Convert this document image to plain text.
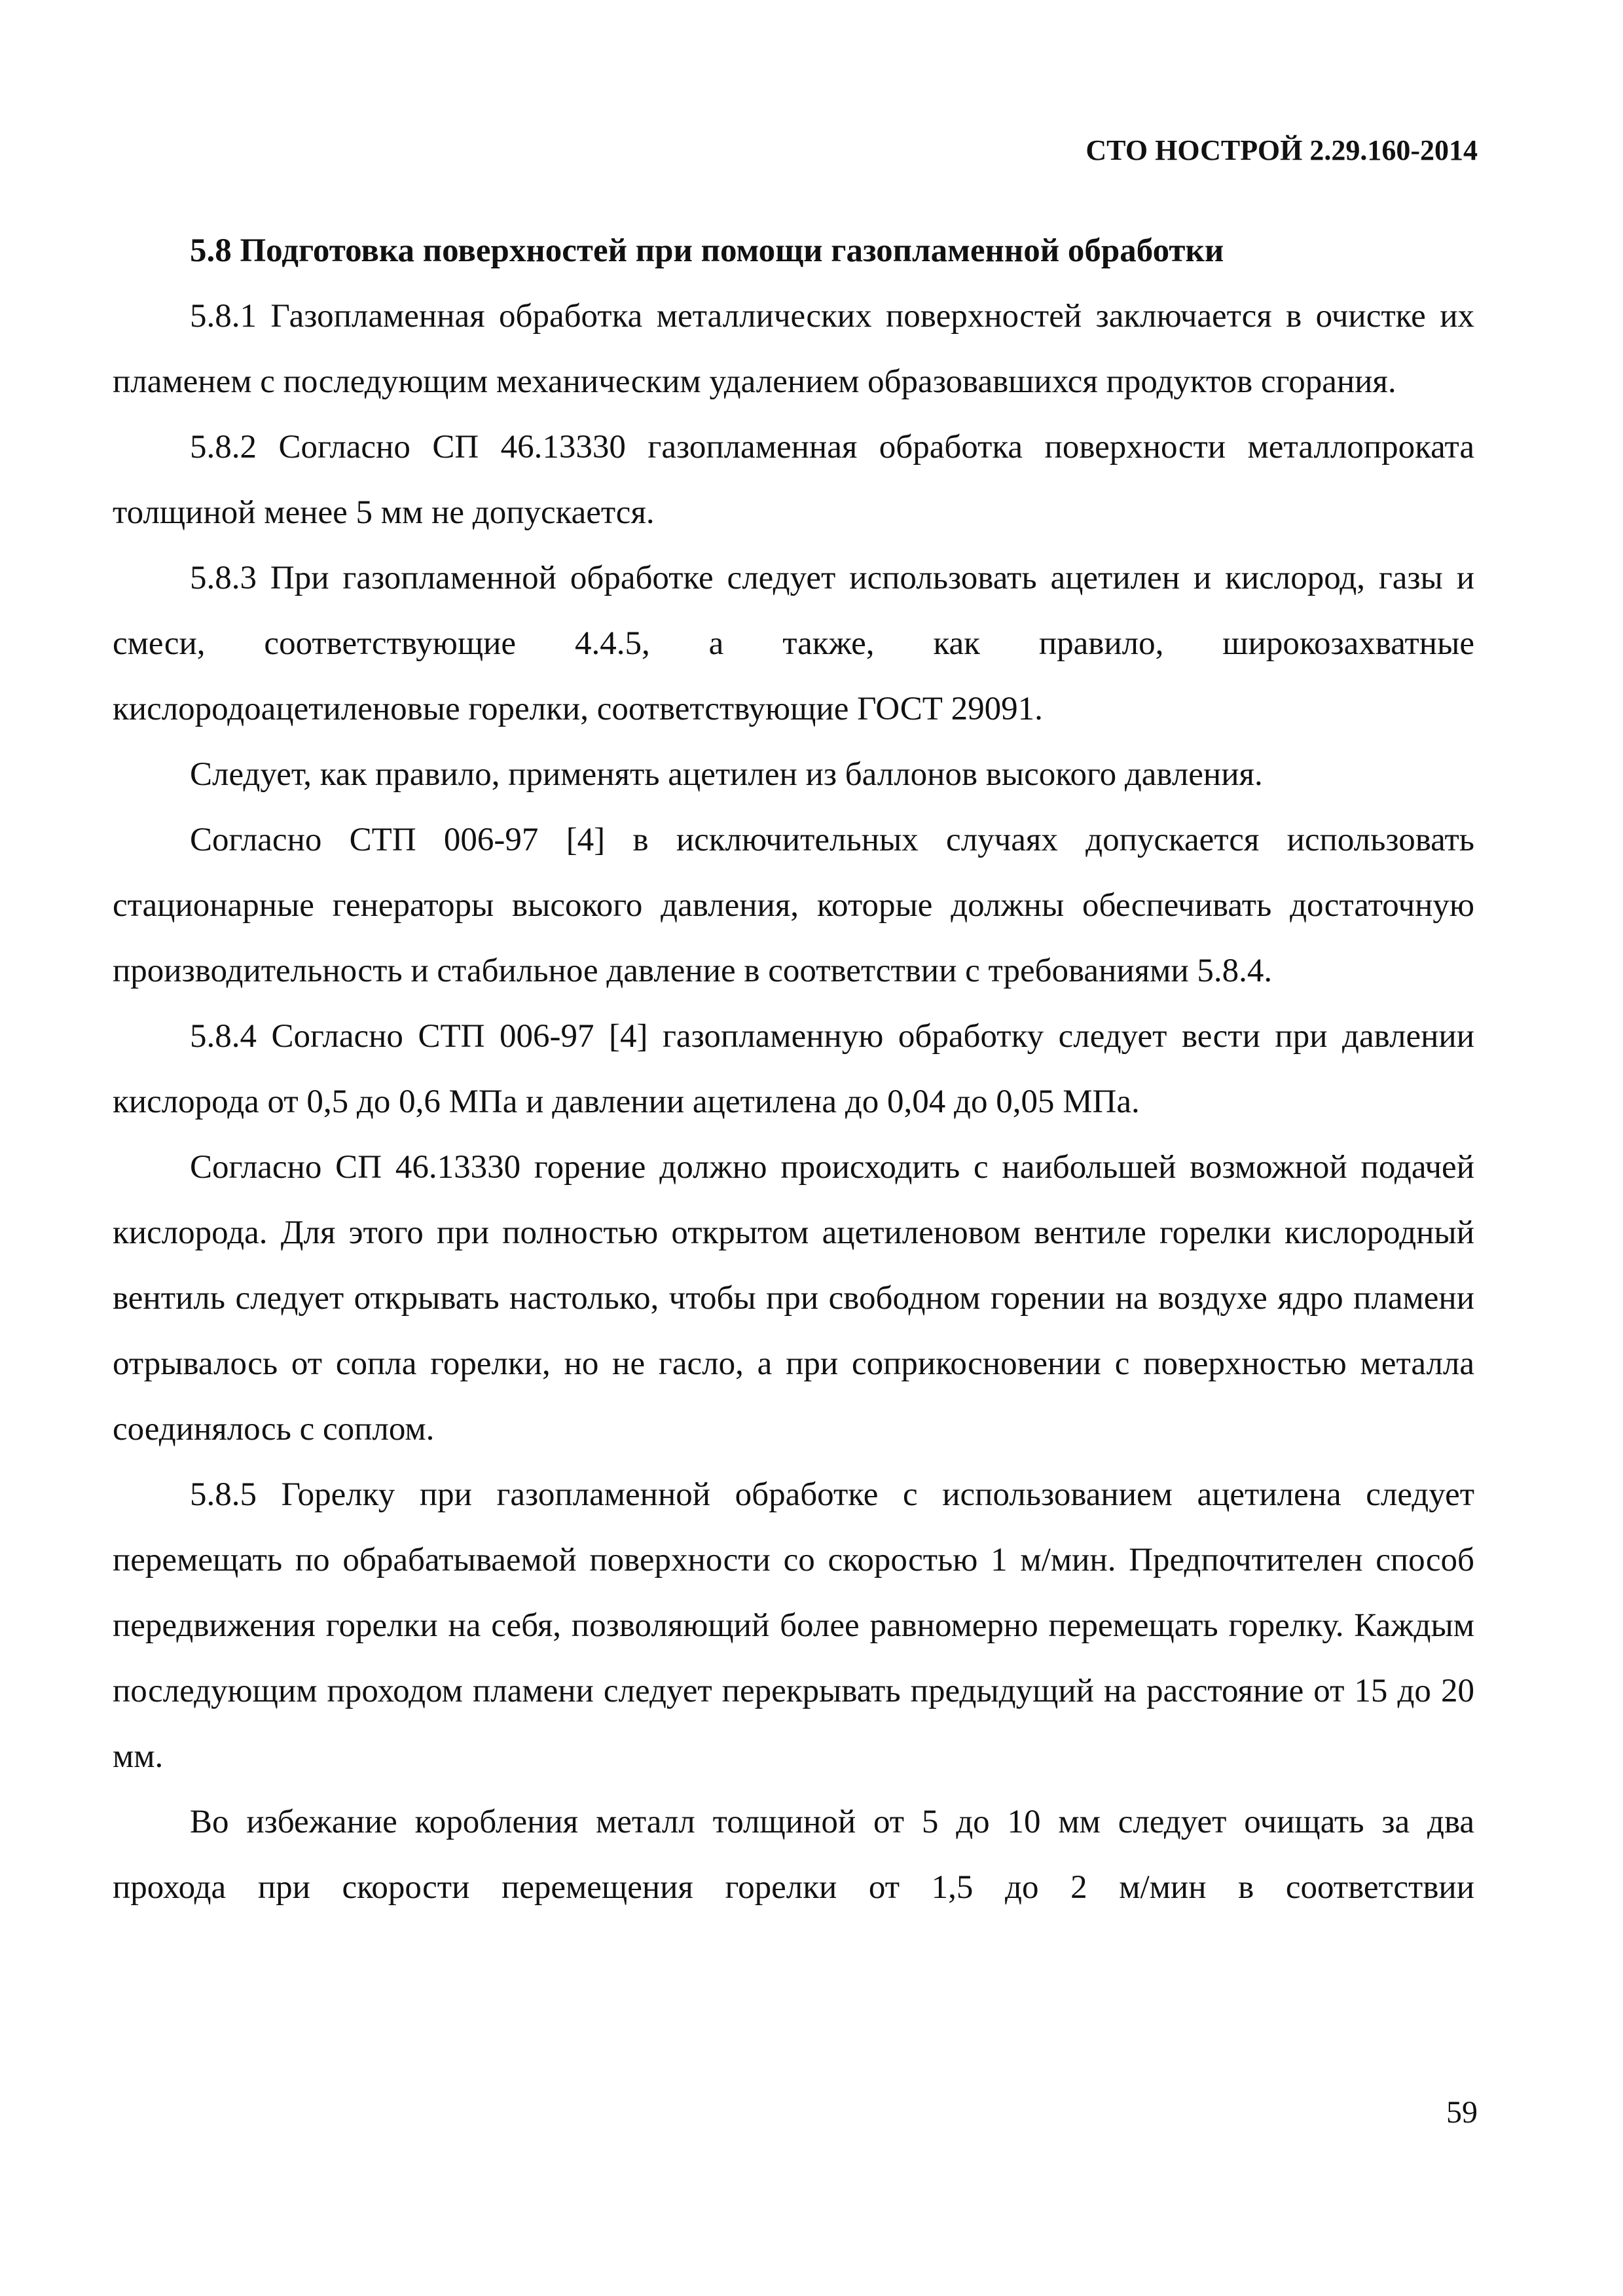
СТО НОСТРОЙ 2.29.160-2014

5.8 Подготовка поверхностей при помощи газопламенной обработки

5.8.1 Газопламенная обработка металлических поверхностей заключается в очистке их пламенем с последующим механическим удалением образовавшихся продуктов сгорания.

5.8.2 Согласно СП 46.13330 газопламенная обработка поверхности металлопроката толщиной менее 5 мм не допускается.

5.8.3 При газопламенной обработке следует использовать ацетилен и кислород, газы и смеси, соответствующие 4.4.5, а также, как правило, широкозахватные кислородоацетиленовые горелки, соответствующие ГОСТ 29091.

Следует, как правило, применять ацетилен из баллонов высокого давления.

Согласно СТП 006-97 [4] в исключительных случаях допускается использовать стационарные генераторы высокого давления, которые должны обеспечивать достаточную производительность и стабильное давление в соответствии с требованиями 5.8.4.

5.8.4 Согласно СТП 006-97 [4] газопламенную обработку следует вести при давлении кислорода от 0,5 до 0,6 МПа и давлении ацетилена до 0,04 до 0,05 МПа.

Согласно СП 46.13330 горение должно происходить с наибольшей возможной подачей кислорода. Для этого при полностью открытом ацетиленовом вентиле горелки кислородный вентиль следует открывать настолько, чтобы при свободном горении на воздухе ядро пламени отрывалось от сопла горелки, но не гасло, а при соприкосновении с поверхностью металла соединялось с соплом.

5.8.5 Горелку при газопламенной обработке с использованием ацетилена следует перемещать по обрабатываемой поверхности со скоростью 1 м/мин. Предпочтителен способ передвижения горелки на себя, позволяющий более равномерно перемещать горелку. Каждым последующим проходом пламени следует перекрывать предыдущий на расстояние от 15 до 20 мм.

Во избежание коробления металл толщиной от 5 до 10 мм следует очищать за два прохода при скорости перемещения горелки от 1,5 до 2 м/мин в соответствии

59
